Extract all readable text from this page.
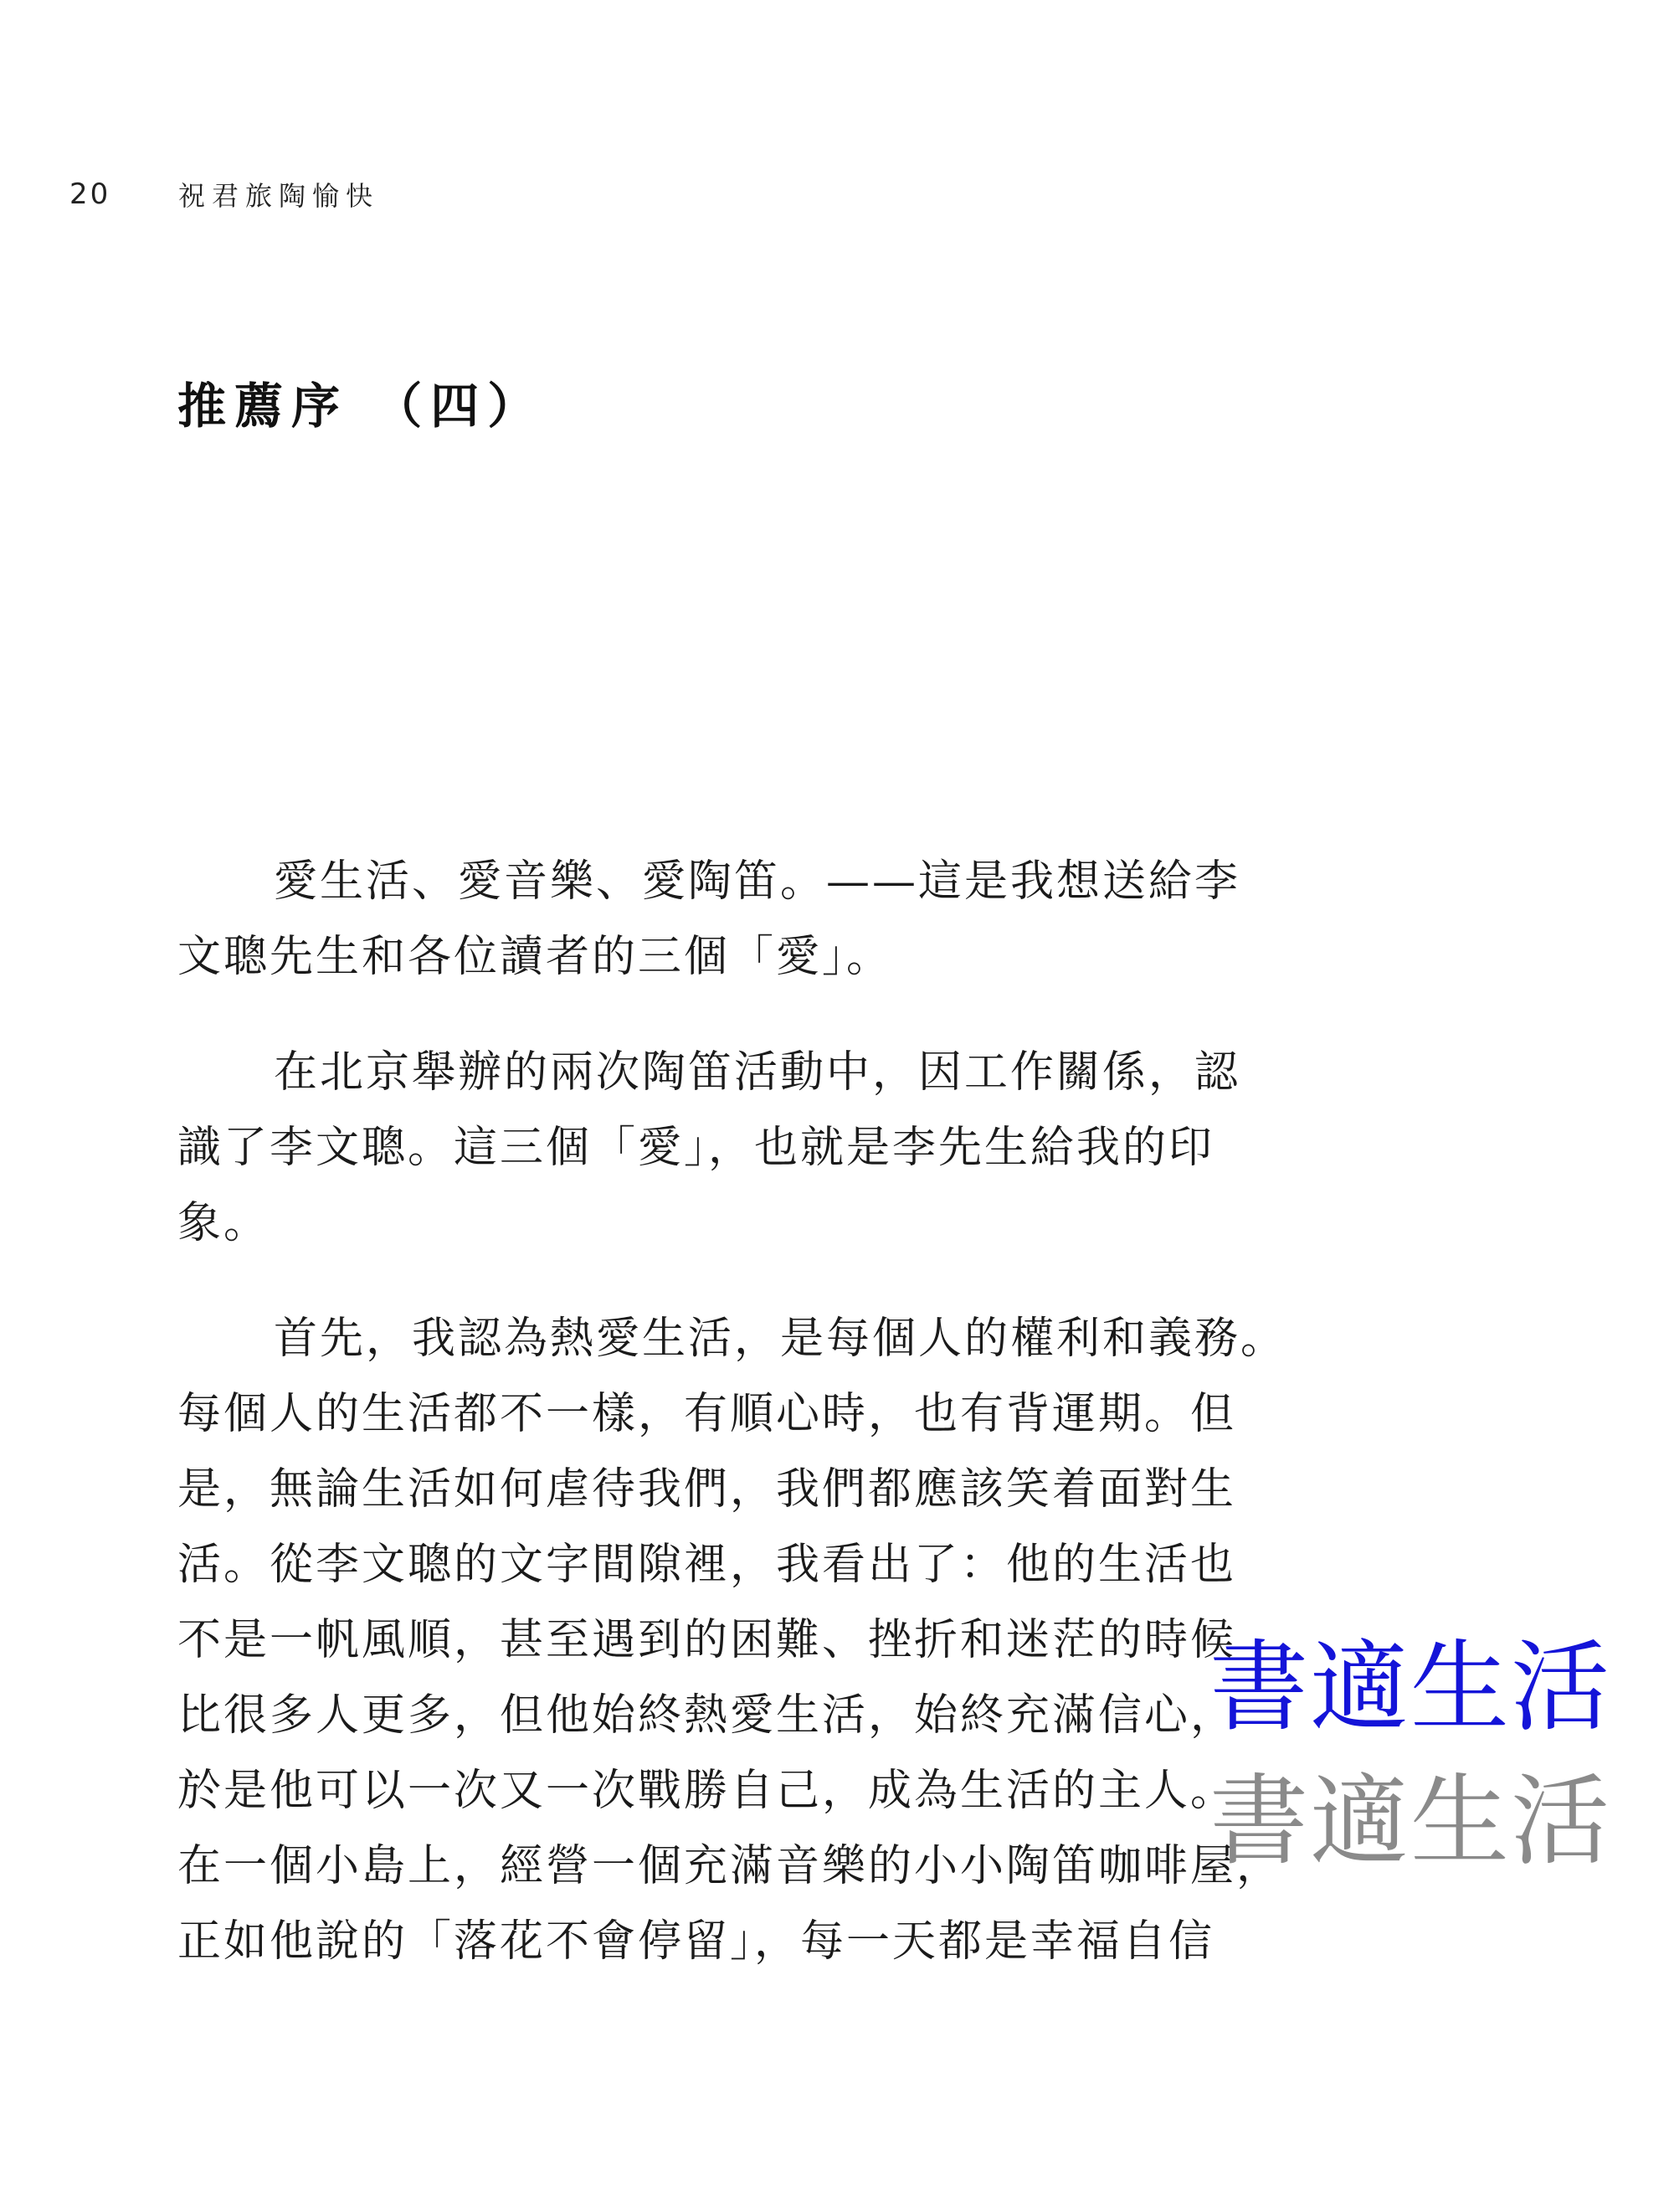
20	祝君旅陶愉快
推薦序 （四）

愛生活、愛音樂、愛陶笛。——這是我想送給李
文聰先生和各位讀者的三個「愛」。

在北京舉辦的兩次陶笛活動中，因工作關係，認
識了李文聰。這三個「愛」，也就是李先生給我的印
象。

首先，我認為熱愛生活，是每個人的權利和義務。
每個人的生活都不一樣，有順心時，也有背運期。但
是，無論生活如何虐待我們，我們都應該笑着面對生
活。從李文聰的文字間隙裡，我看出了：他的生活也
不是一帆風順，甚至遇到的困難、挫折和迷茫的時候
比很多人更多，但他始終熱愛生活，始終充滿信心，
於是他可以一次又一次戰勝自己，成為生活的主人。
在一個小島上，經營一個充滿音樂的小小陶笛咖啡屋，
正如他說的「落花不會停留」，每一天都是幸福自信

書適生活
書適生活
